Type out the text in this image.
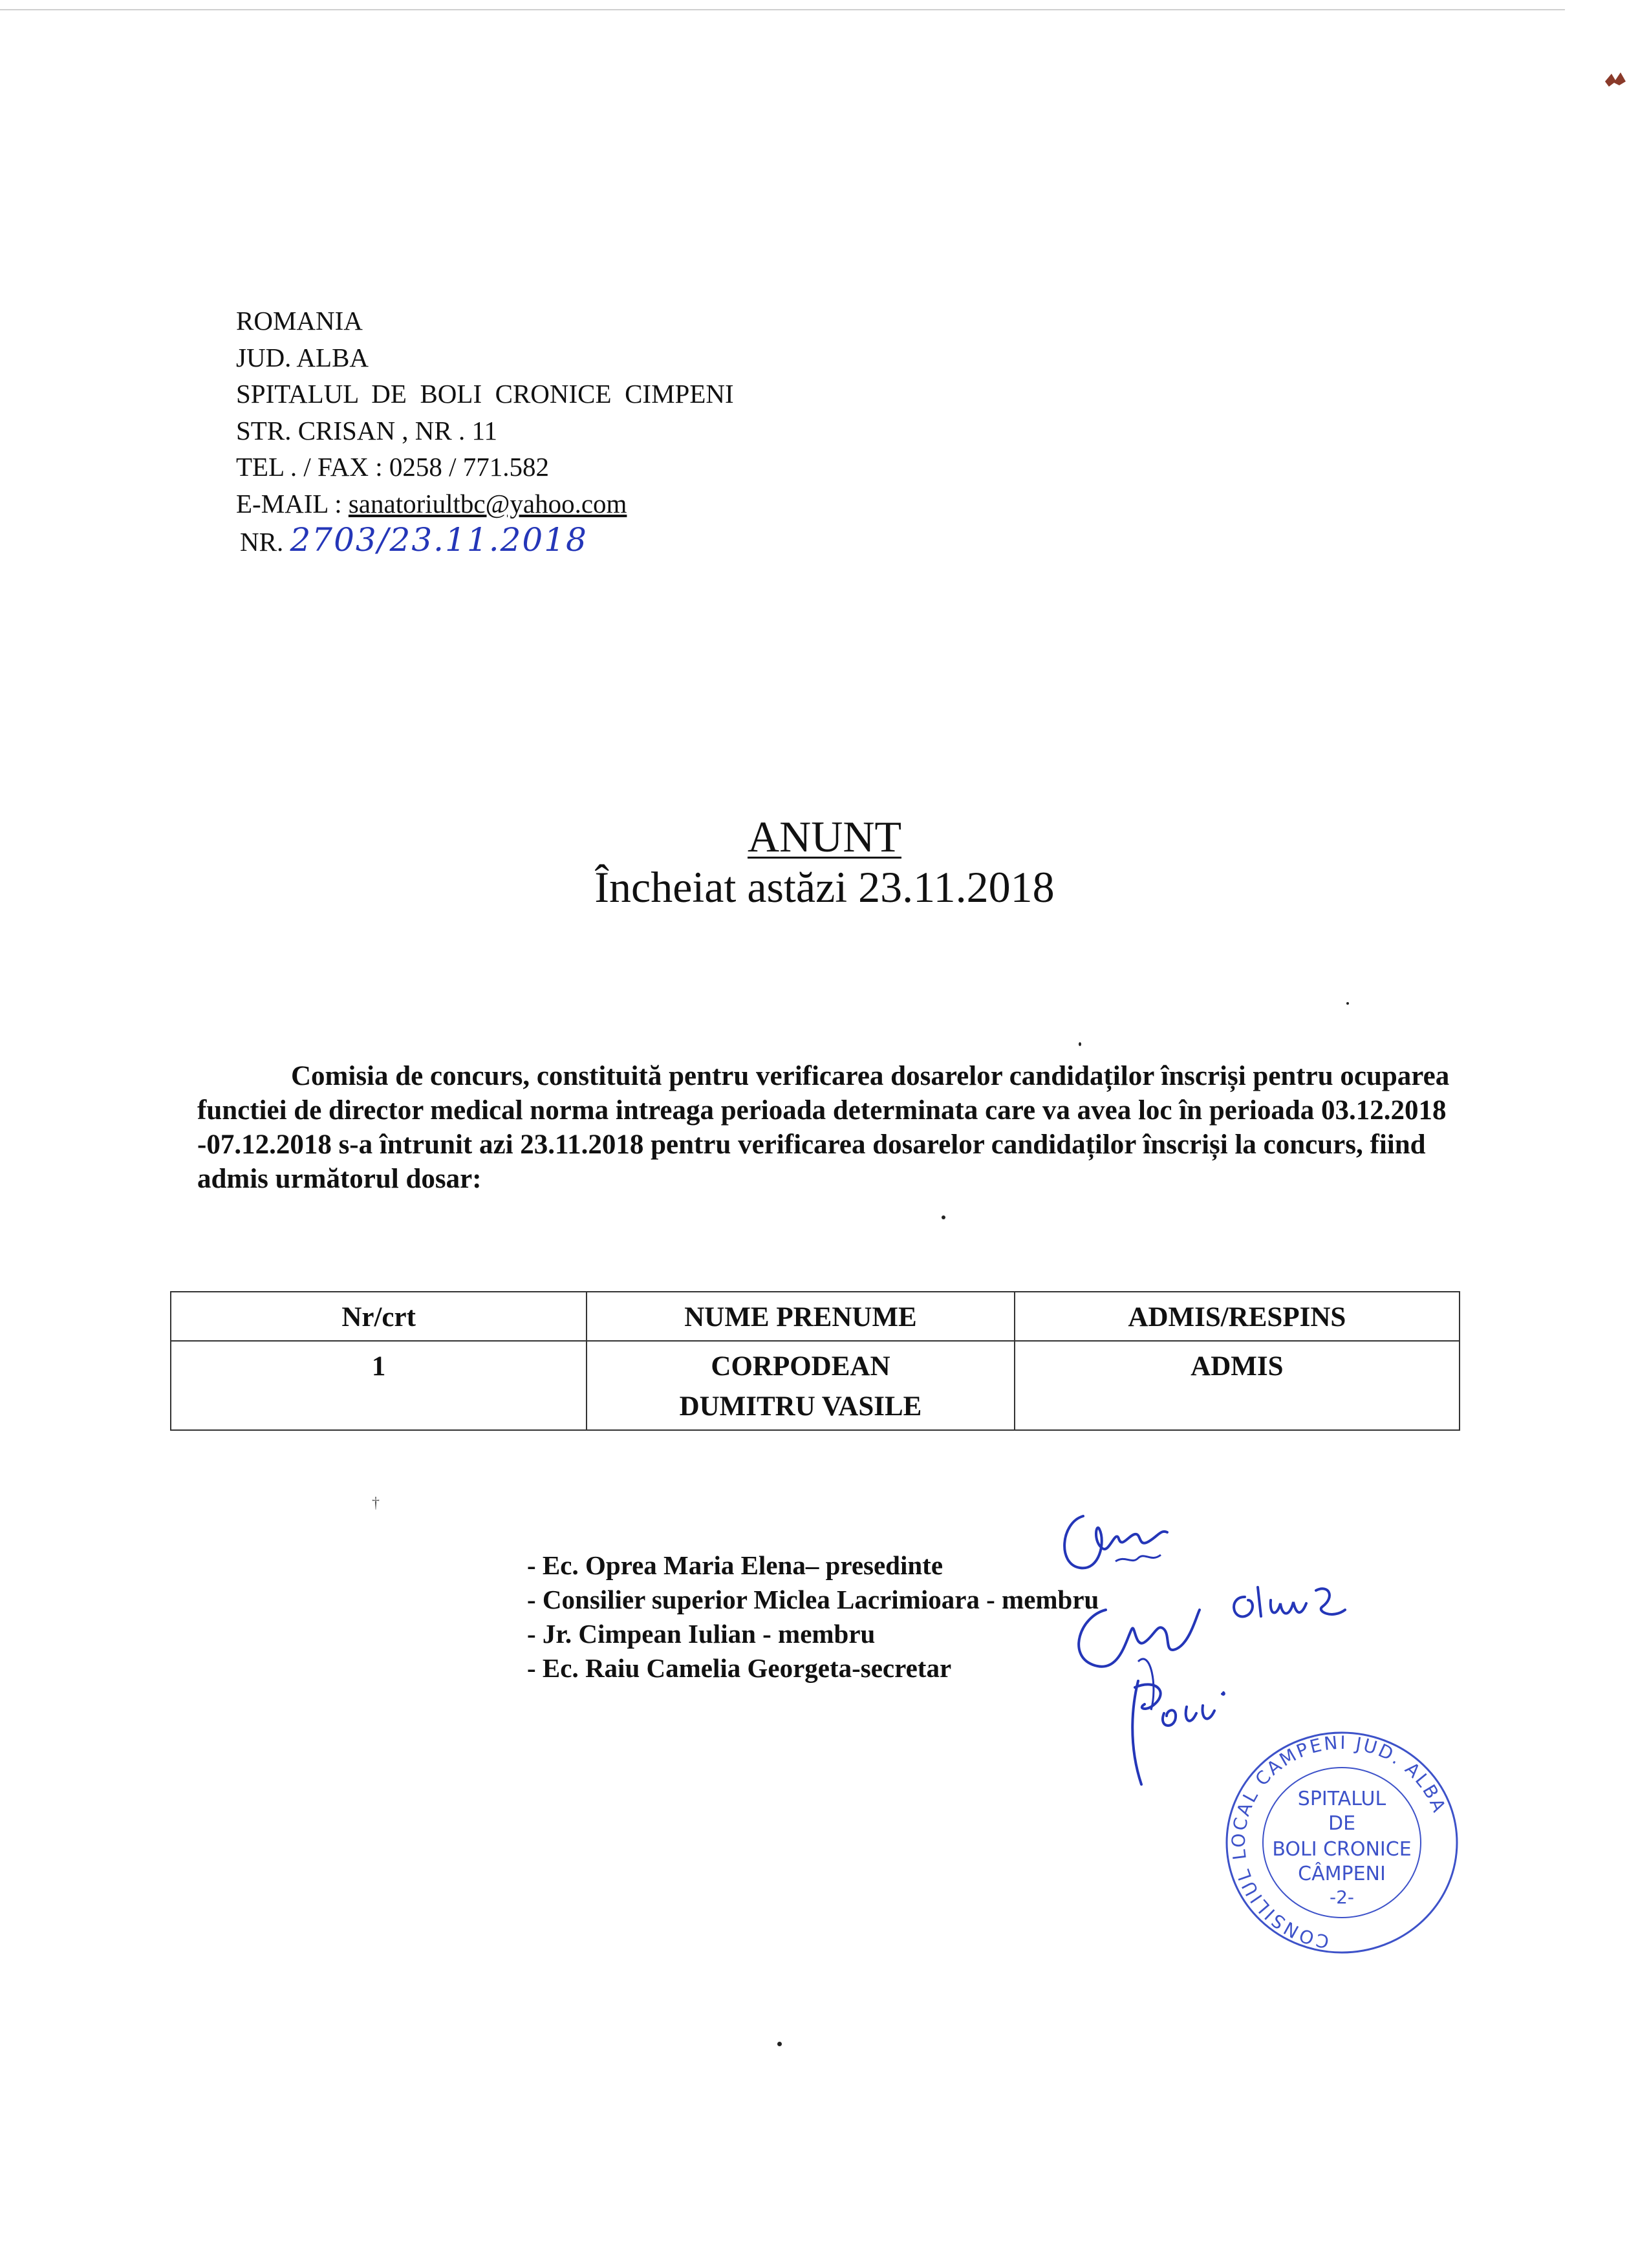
ROMANIA
JUD. ALBA
SPITALUL  DE  BOLI  CRONICE  CIMPENI
STR. CRISAN , NR . 11
TEL . / FAX : 0258 / 771.582
E-MAIL : sanatoriultbc@yahoo.com
NR. 2703/23.11.2018
ANUNT
Încheiat astăzi 23.11.2018

Comisia de concurs, constituită pentru verificarea dosarelor candidaților înscriși pentru ocuparea functiei de director medical norma intreaga perioada determinata care va avea loc în perioada 03.12.2018 -07.12.2018 s-a întrunit azi 23.11.2018 pentru verificarea dosarelor candidaților înscriși la concurs, fiind admis următorul dosar:

Nr/crt	NUME PRENUME	ADMIS/RESPINS
1	CORPODEAN
DUMITRU VASILE	ADMIS
†
- Ec. Oprea Maria Elena– presedinte
- Consilier superior Miclea Lacrimioara - membru
- Jr. Cimpean Iulian - membru
- Ec. Raiu Camelia Georgeta-secretar
CONSILIUL LOCAL CAMPENI JUD. ALBA
SPITALUL
DE
BOLI CRONICE
CÂMPENI
-2-
